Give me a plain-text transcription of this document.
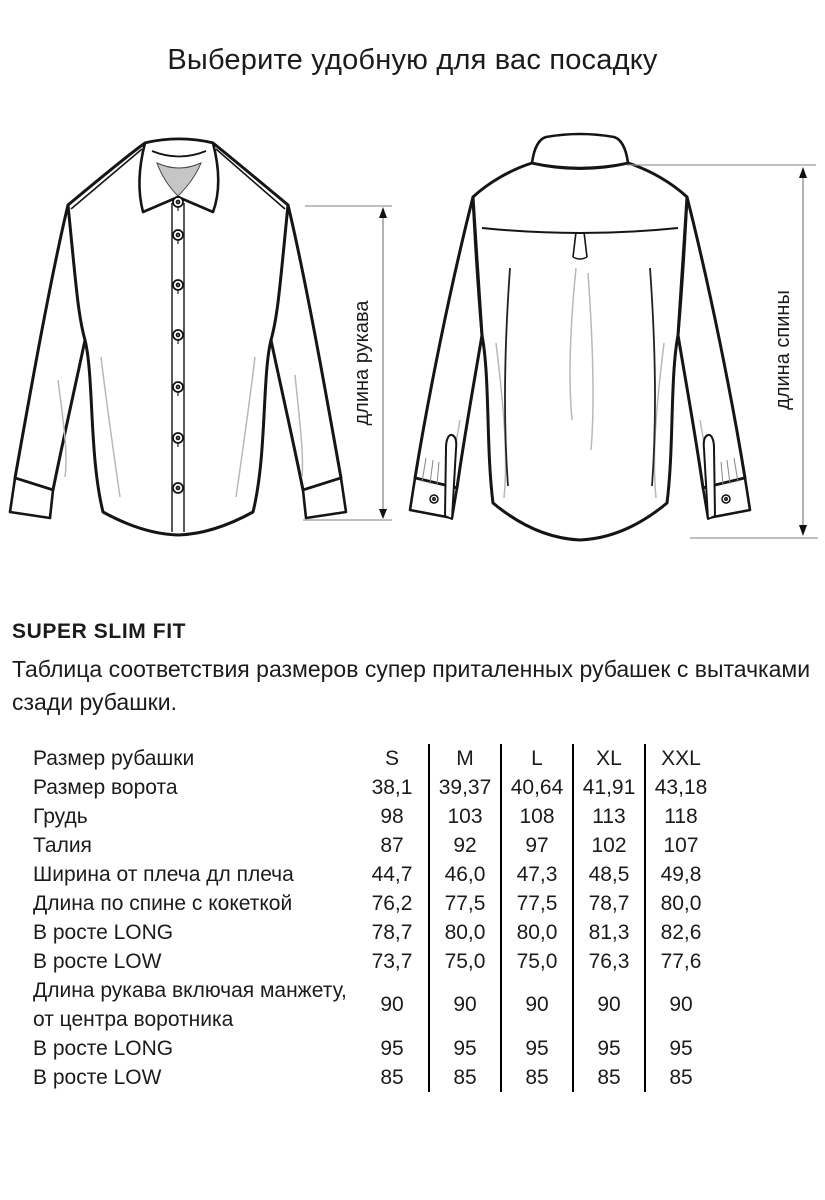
Выберите удобную для вас посадку
длина рукава	длина спины
SUPER SLIM FIT
Таблица соответствия размеров супер приталенных рубашек с вытачками
сзади рубашки.
Размер рубашки	S	M	L	XL	XXL
Размер ворота	38,1	39,37 40,64 41,91 43,18
Грудь	98	103	108	113	118
Талия	87	92	97	102	107
Ширина от плеча дл плеча	44,7	46,0	47,3	48,5	49,8
Длина по спине с кокеткой	76,2	77,5	77,5	78,7	80,0
В росте LONG	78,7	80,0	80,0	81,3	82,6
В росте LOW	73,7	75,0	75,0	76,3	77,6
Длина рукава включая манжету,
от центра воротника
90	90	90	90	90
В росте LONG	95	95	95	95	95
В росте LOW	85	85	85	85	85
